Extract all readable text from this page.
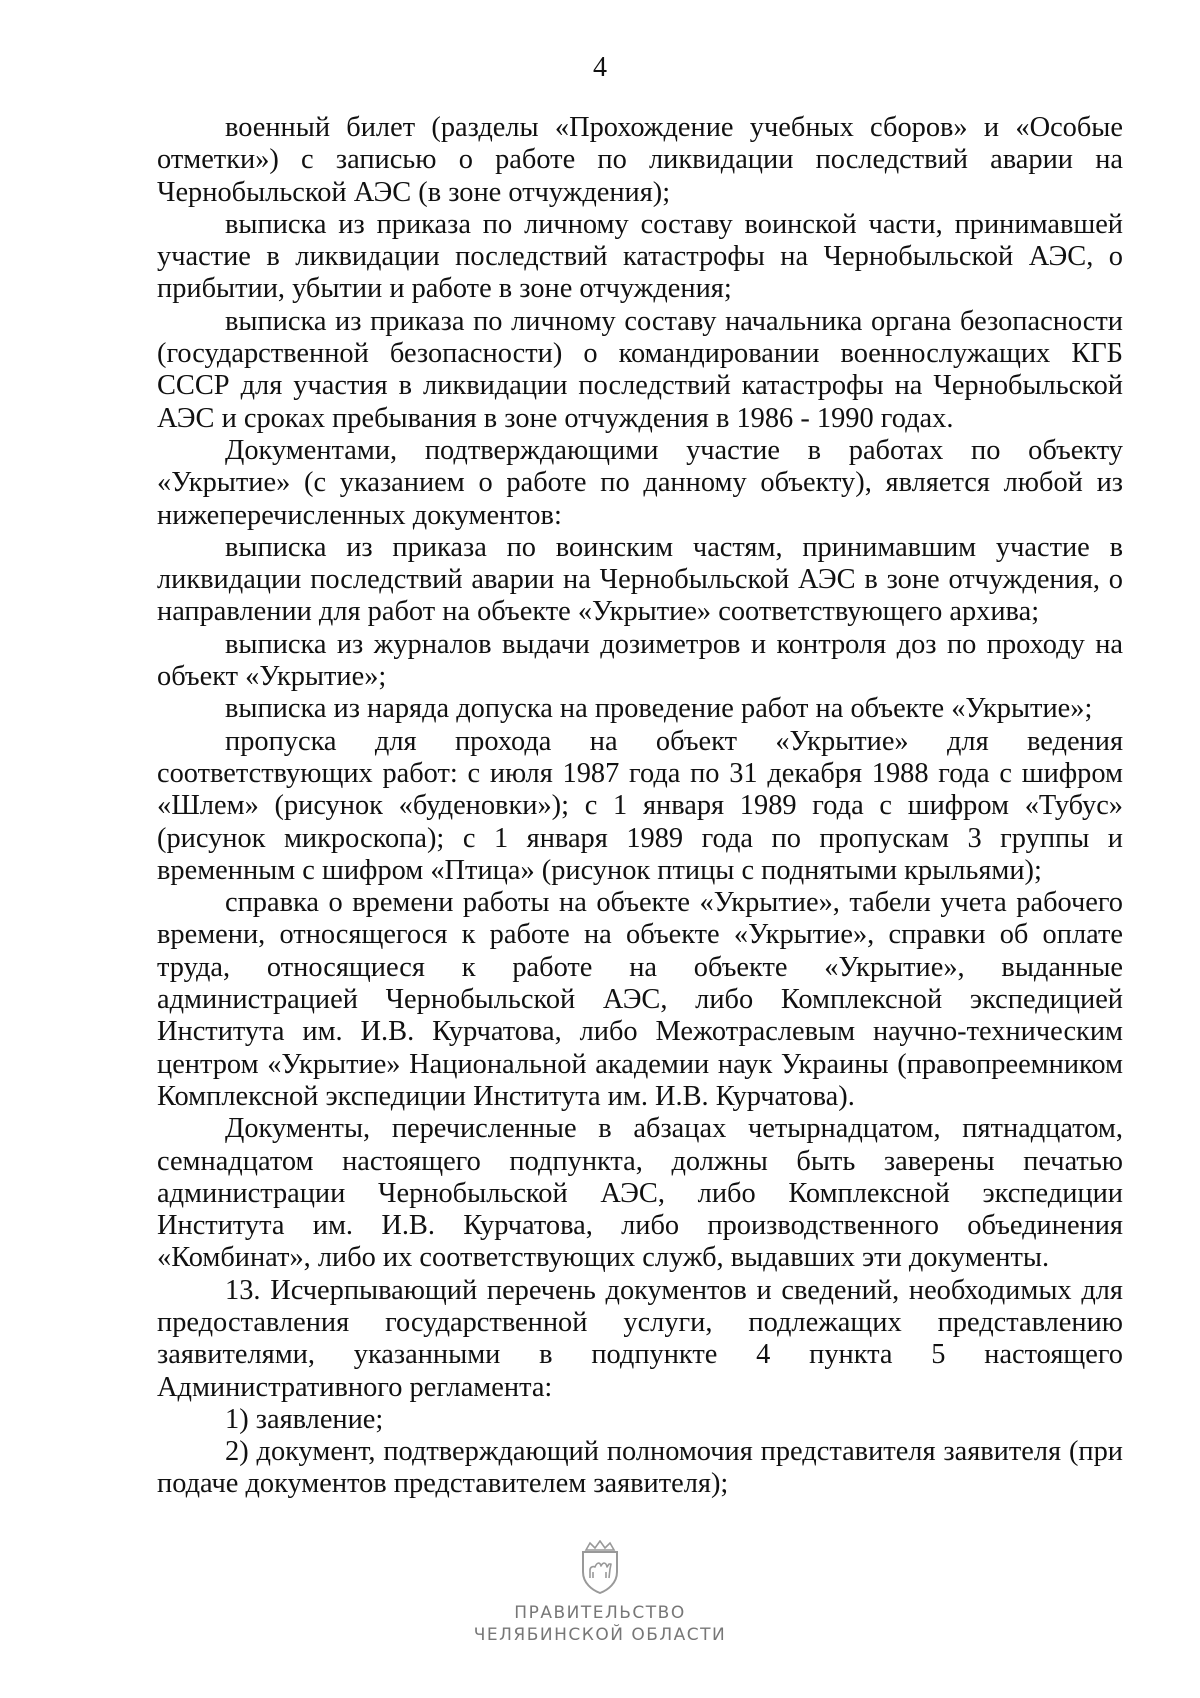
4

военный билет (разделы «Прохождение учебных сборов» и «Особые отметки») с записью о работе по ликвидации последствий аварии на Чернобыльской АЭС (в зоне отчуждения);

выписка из приказа по личному составу воинской части, принимавшей участие в ликвидации последствий катастрофы на Чернобыльской АЭС, о прибытии, убытии и работе в зоне отчуждения;

выписка из приказа по личному составу начальника органа безопасности (государственной безопасности) о командировании военнослужащих КГБ СССР для участия в ликвидации последствий катастрофы на Чернобыльской АЭС и сроках пребывания в зоне отчуждения в 1986 - 1990 годах.

Документами, подтверждающими участие в работах по объекту «Укрытие» (с указанием о работе по данному объекту), является любой из нижеперечисленных документов:

выписка из приказа по воинским частям, принимавшим участие в ликвидации последствий аварии на Чернобыльской АЭС в зоне отчуждения, о направлении для работ на объекте «Укрытие» соответствующего архива;

выписка из журналов выдачи дозиметров и контроля доз по проходу на объект «Укрытие»;

выписка из наряда допуска на проведение работ на объекте «Укрытие»;

пропуска для прохода на объект «Укрытие» для ведения соответствующих работ: с июля 1987 года по 31 декабря 1988 года с шифром «Шлем» (рисунок «буденовки»); с 1 января 1989 года с шифром «Тубус» (рисунок микроскопа); с 1 января 1989 года по пропускам 3 группы и временным с шифром «Птица» (рисунок птицы с поднятыми крыльями);

справка о времени работы на объекте «Укрытие», табели учета рабочего времени, относящегося к работе на объекте «Укрытие», справки об оплате труда, относящиеся к работе на объекте «Укрытие», выданные администрацией Чернобыльской АЭС, либо Комплексной экспедицией Института им. И.В. Курчатова, либо Межотраслевым научно-техническим центром «Укрытие» Национальной академии наук Украины (правопреемником Комплексной экспедиции Института им. И.В. Курчатова).

Документы, перечисленные в абзацах четырнадцатом, пятнадцатом, семнадцатом настоящего подпункта, должны быть заверены печатью администрации Чернобыльской АЭС, либо Комплексной экспедиции Института им. И.В. Курчатова, либо производственного объединения «Комбинат», либо их соответствующих служб, выдавших эти документы.

13. Исчерпывающий перечень документов и сведений, необходимых для предоставления государственной услуги, подлежащих представлению заявителями, указанными в подпункте 4 пункта 5 настоящего Административного регламента:

1) заявление;

2) документ, подтверждающий полномочия представителя заявителя (при подаче документов представителем заявителя);

ПРАВИТЕЛЬСТВО
ЧЕЛЯБИНСКОЙ ОБЛАСТИ
